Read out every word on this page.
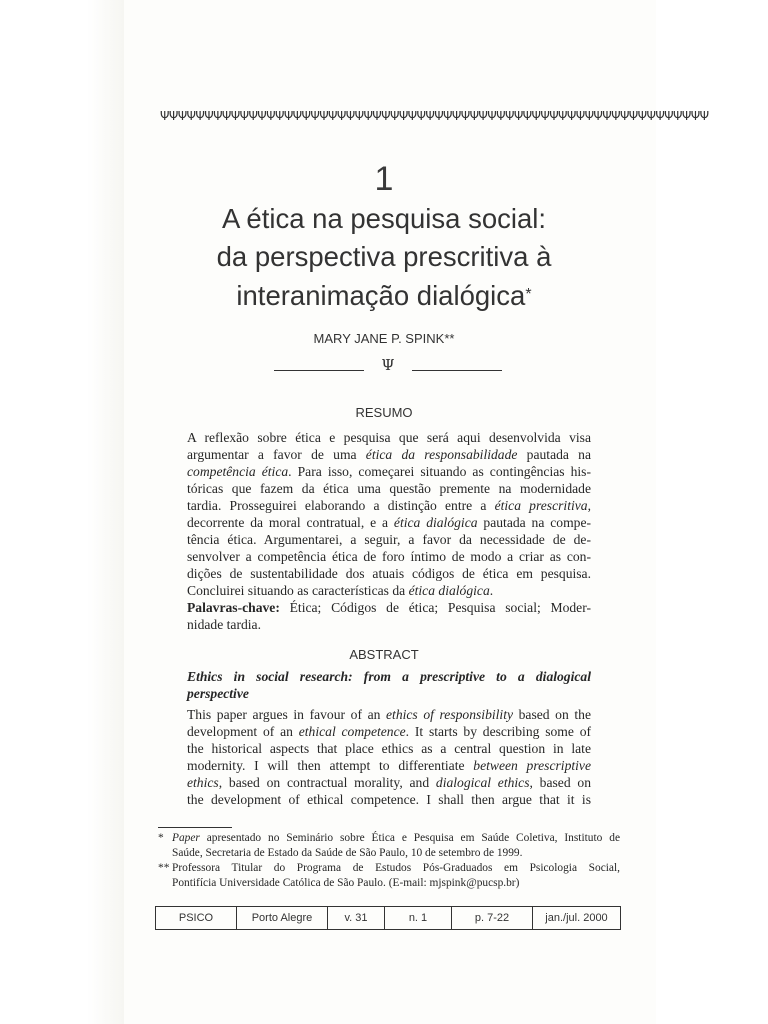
ΨΨΨΨΨΨΨΨΨΨΨΨΨΨΨΨΨΨΨΨΨΨΨΨΨΨΨΨΨΨΨΨΨΨΨΨΨΨΨΨΨΨΨΨΨΨΨΨΨΨΨΨΨΨΨΨΨΨΨΨΨΨ
1
A ética na pesquisa social:
da perspectiva prescritiva à
interanimação dialógica*
MARY JANE P. SPINK**
Ψ
RESUMO

A reflexão sobre ética e pesquisa que será aqui desenvolvida visa
argumentar a favor de uma ética da responsabilidade pautada na
competência ética. Para isso, começarei situando as contingências his-
tóricas que fazem da ética uma questão premente na modernidade
tardia. Prosseguirei elaborando a distinção entre a ética prescritiva,
decorrente da moral contratual, e a ética dialógica pautada na compe-
tência ética. Argumentarei, a seguir, a favor da necessidade de de-
senvolver a competência ética de foro íntimo de modo a criar as con-
dições de sustentabilidade dos atuais códigos de ética em pesquisa.
Concluirei situando as características da ética dialógica.
Palavras-chave: Ética; Códigos de ética; Pesquisa social; Moder-
nidade tardia.

ABSTRACT

Ethics in social research: from a prescriptive to a dialogical
perspective

This paper argues in favour of an ethics of responsibility based on the
development of an ethical competence. It starts by describing some of
the historical aspects that place ethics as a central question in late
modernity. I will then attempt to differentiate between prescriptive
ethics, based on contractual morality, and dialogical ethics, based on
the development of ethical competence. I shall then argue that it is

* Paper apresentado no Seminário sobre Ética e Pesquisa em Saúde Coletiva, Instituto de
Saúde, Secretaria de Estado da Saúde de São Paulo, 10 de setembro de 1999.
** Professora Titular do Programa de Estudos Pós-Graduados em Psicologia Social,
Pontifícia Universidade Católica de São Paulo. (E-mail: mjspink@pucsp.br)
PSICO	Porto Alegre	v. 31	n. 1	p. 7-22	jan./jul. 2000
